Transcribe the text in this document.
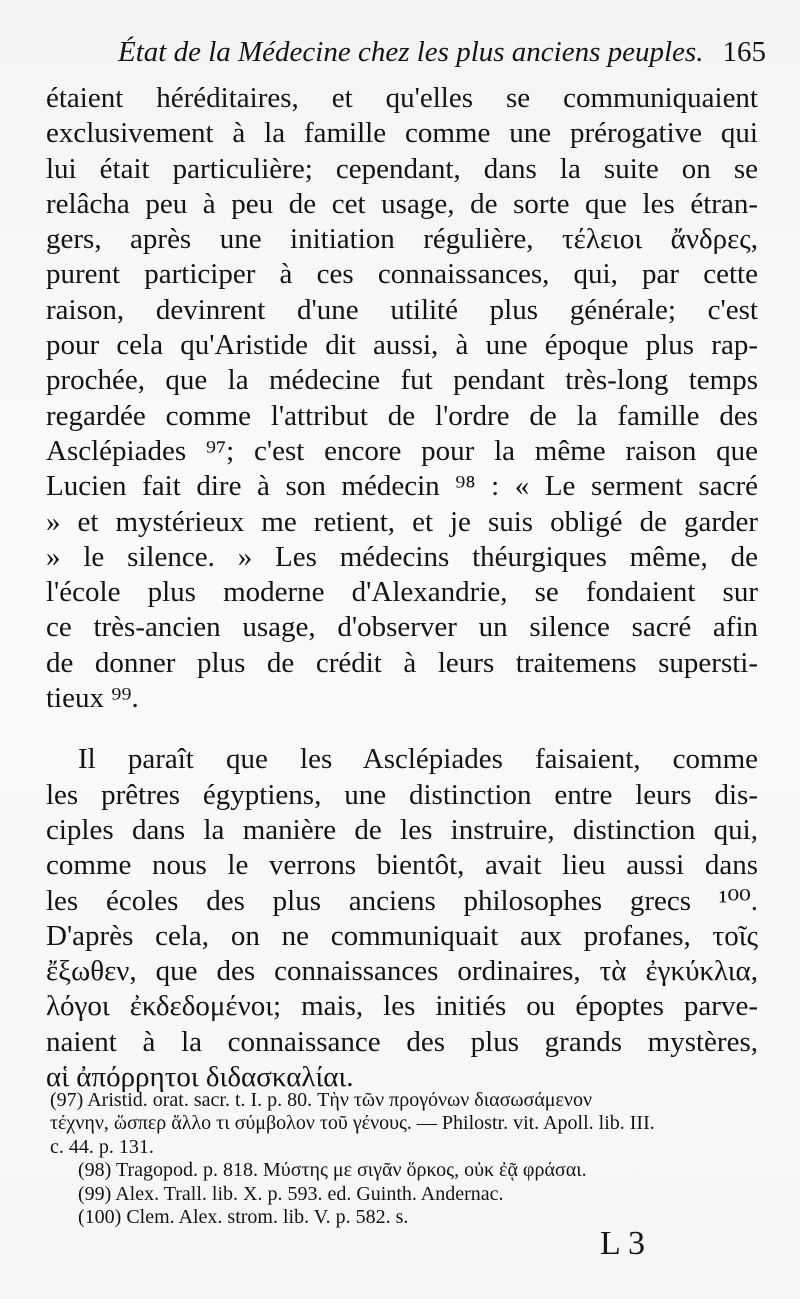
État de la Médecine chez les plus anciens peuples. 165
étaient héréditaires, et qu'elles se communiquaient
exclusivement à la famille comme une prérogative qui
lui était particulière; cependant, dans la suite on se
relâcha peu à peu de cet usage, de sorte que les étran-
gers, après une initiation régulière, τέλειοι ἄνδρες,
purent participer à ces connaissances, qui, par cette
raison, devinrent d'une utilité plus générale; c'est
pour cela qu'Aristide dit aussi, à une époque plus rap-
prochée, que la médecine fut pendant très-long temps
regardée comme l'attribut de l'ordre de la famille des
Asclépiades ⁹⁷; c'est encore pour la même raison que
Lucien fait dire à son médecin ⁹⁸ : « Le serment sacré
» et mystérieux me retient, et je suis obligé de garder
» le silence. » Les médecins théurgiques même, de
l'école plus moderne d'Alexandrie, se fondaient sur
ce très-ancien usage, d'observer un silence sacré afin
de donner plus de crédit à leurs traitemens supersti-
tieux ⁹⁹.
Il paraît que les Asclépiades faisaient, comme
les prêtres égyptiens, une distinction entre leurs dis-
ciples dans la manière de les instruire, distinction qui,
comme nous le verrons bientôt, avait lieu aussi dans
les écoles des plus anciens philosophes grecs ¹⁰⁰.
D'après cela, on ne communiquait aux profanes, τοῖς
ἔξωθεν, que des connaissances ordinaires, τὰ ἐγκύκλια,
λόγοι ἐκδεδομένοι; mais, les initiés ou époptes parve-
naient à la connaissance des plus grands mystères,
αἱ ἀπόρρητοι διδασκαλίαι.
(97) Aristid. orat. sacr. t. I. p. 80. Τὴν τῶν προγόνων διασωσάμενον
τέχνην, ὥσπερ ἄλλο τι σύμβολον τοῦ γένους. — Philostr. vit. Apoll. lib. III.
c. 44. p. 131.
(98) Tragopod. p. 818. Μύστης με σιγᾶν ὅρκος, οὐκ ἐᾷ φράσαι.
(99) Alex. Trall. lib. X. p. 593. ed. Guinth. Andernac.
(100) Clem. Alex. strom. lib. V. p. 582. s.
L 3
